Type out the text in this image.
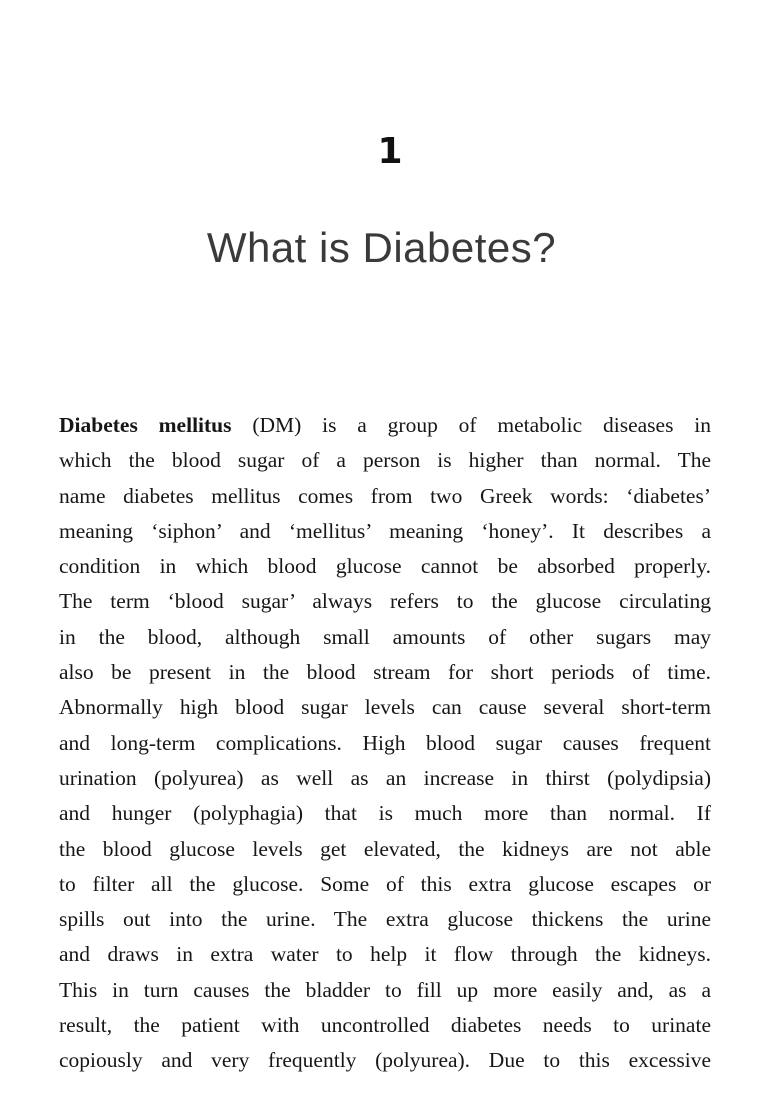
1
What is Diabetes?
Diabetes mellitus (DM) is a group of metabolic diseases in
which the blood sugar of a person is higher than normal. The
name diabetes mellitus comes from two Greek words: ‘diabetes’
meaning ‘siphon’ and ‘mellitus’ meaning ‘honey’. It describes a
condition in which blood glucose cannot be absorbed properly.
The term ‘blood sugar’ always refers to the glucose circulating
in the blood, although small amounts of other sugars may
also be present in the blood stream for short periods of time.
Abnormally high blood sugar levels can cause several short-term
and long-term complications. High blood sugar causes frequent
urination (polyurea) as well as an increase in thirst (polydipsia)
and hunger (polyphagia) that is much more than normal. If
the blood glucose levels get elevated, the kidneys are not able
to filter all the glucose. Some of this extra glucose escapes or
spills out into the urine. The extra glucose thickens the urine
and draws in extra water to help it flow through the kidneys.
This in turn causes the bladder to fill up more easily and, as a
result, the patient with uncontrolled diabetes needs to urinate
copiously and very frequently (polyurea). Due to this excessive
